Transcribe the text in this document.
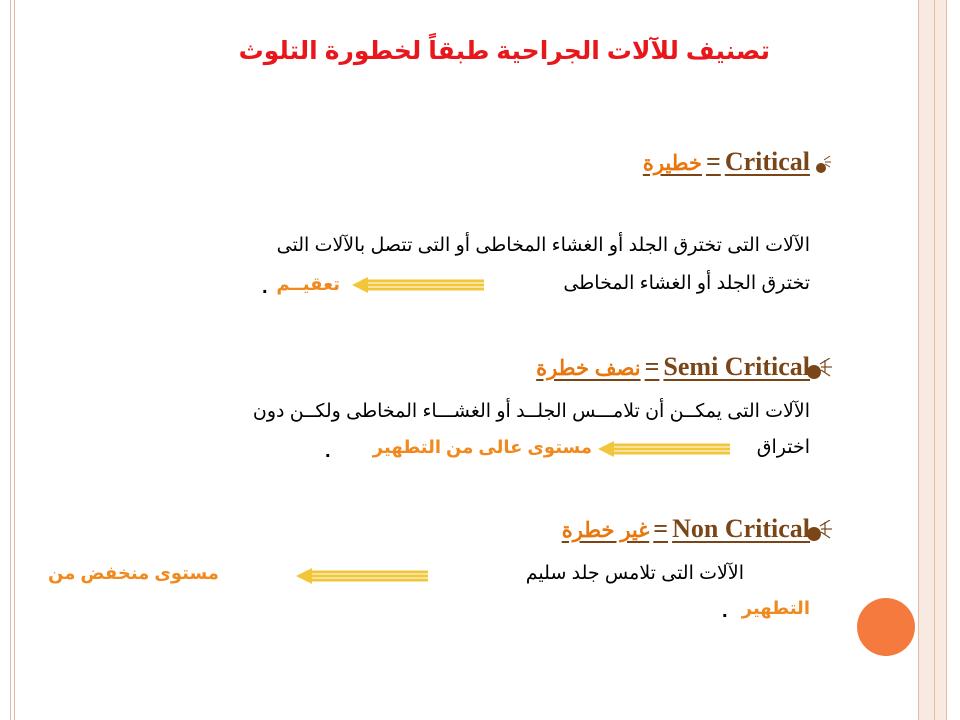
تصنيف للآلات الجراحية طبقاً لخطورة التلوث
خطيرة = Critical
الآلات التى تخترق الجلد أو الغشاء المخاطى أو التى تتصل بالآلات التى
تخترق الجلد أو الغشاء المخاطى
تعقيــم
.
نصف خطرة = Semi Critical
الآلات التى يمكــن أن تلامـــس الجلــد أو الغشـــاء المخاطى ولكــن دون
اختراق
مستوى عالى من التطهير
.
غير خطرة = Non Critical
الآلات التى تلامس جلد سليم
مستوى منخفض من
التطهير
.
